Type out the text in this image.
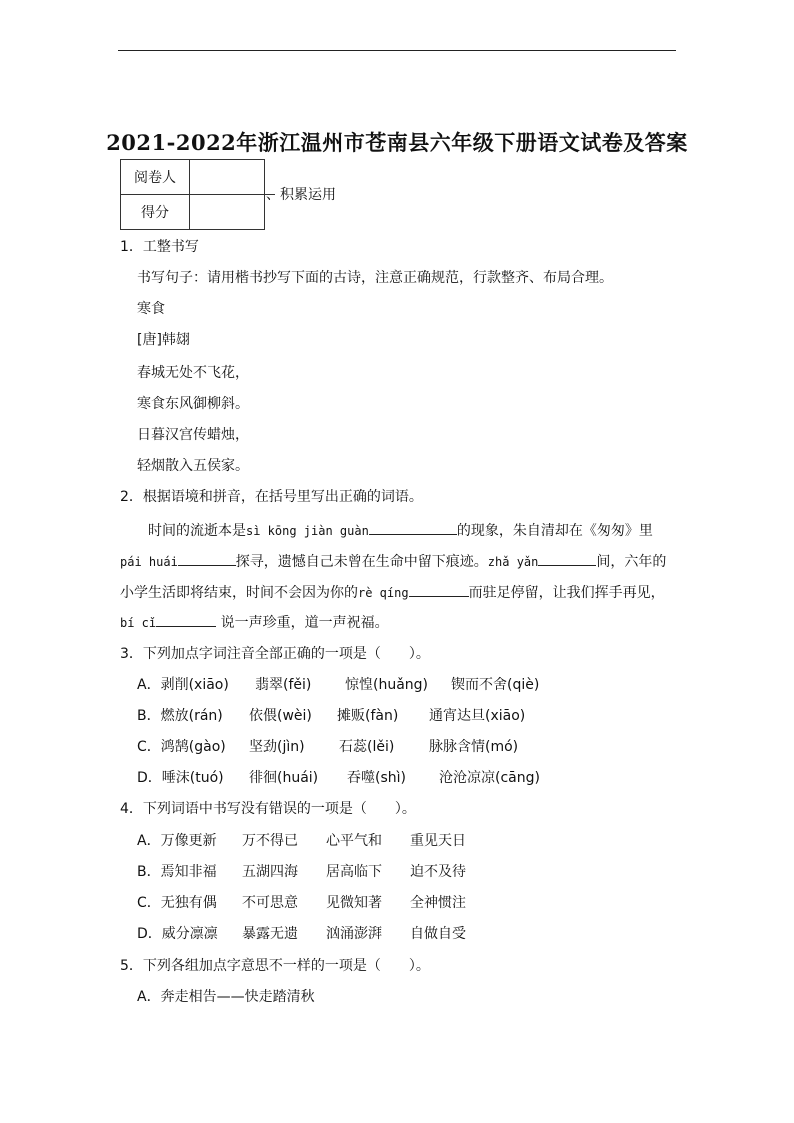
2021-2022年浙江温州市苍南县六年级下册语文试卷及答案
阅卷人	
得分	
、积累运用
1．工整书写
书写句子：请用楷书抄写下面的古诗，注意正确规范，行款整齐、布局合理。
寒食
[唐]韩翃
春城无处不飞花，
寒食东风御柳斜。
日暮汉宫传蜡烛，
轻烟散入五侯家。
2．根据语境和拼音，在括号里写出正确的词语。
时间的流逝本是sì kōng jiàn guàn	的现象，朱自清却在《匆匆》里
pái huái	探寻，遗憾自己未曾在生命中留下痕迹。zhǎ yǎn	间，六年的
小学生活即将结束，时间不会因为你的rè qíng	而驻足停留，让我们挥手再见，
bí cǐ	说一声珍重，道一声祝福。
3．下列加点字词注音全部正确的一项是（　　）。
A．剥削(xiāo) 翡翠(fěi) 惊惶(huǎng) 锲而不舍(qiè)
B．燃放(rán) 依偎(wèi) 摊贩(fàn) 通宵达旦(xiāo)
C．鸿鹄(gào) 坚劲(jìn) 石蕊(lěi) 脉脉含情(mó)
D．唾沫(tuó) 徘徊(huái) 吞噬(shì) 沧沧凉凉(cāng)
4．下列词语中书写没有错误的一项是（　　）。
A．万像更新 万不得已 心平气和 重见天日
B．焉知非福 五湖四海 居高临下 迫不及待
C．无独有偶 不可思意 见微知著 全神惯注
D．威分凛凛 暴露无遗 汹涌澎湃 自做自受
5．下列各组加点字意思不一样的一项是（　　）。
A．奔走相告——快走踏清秋
